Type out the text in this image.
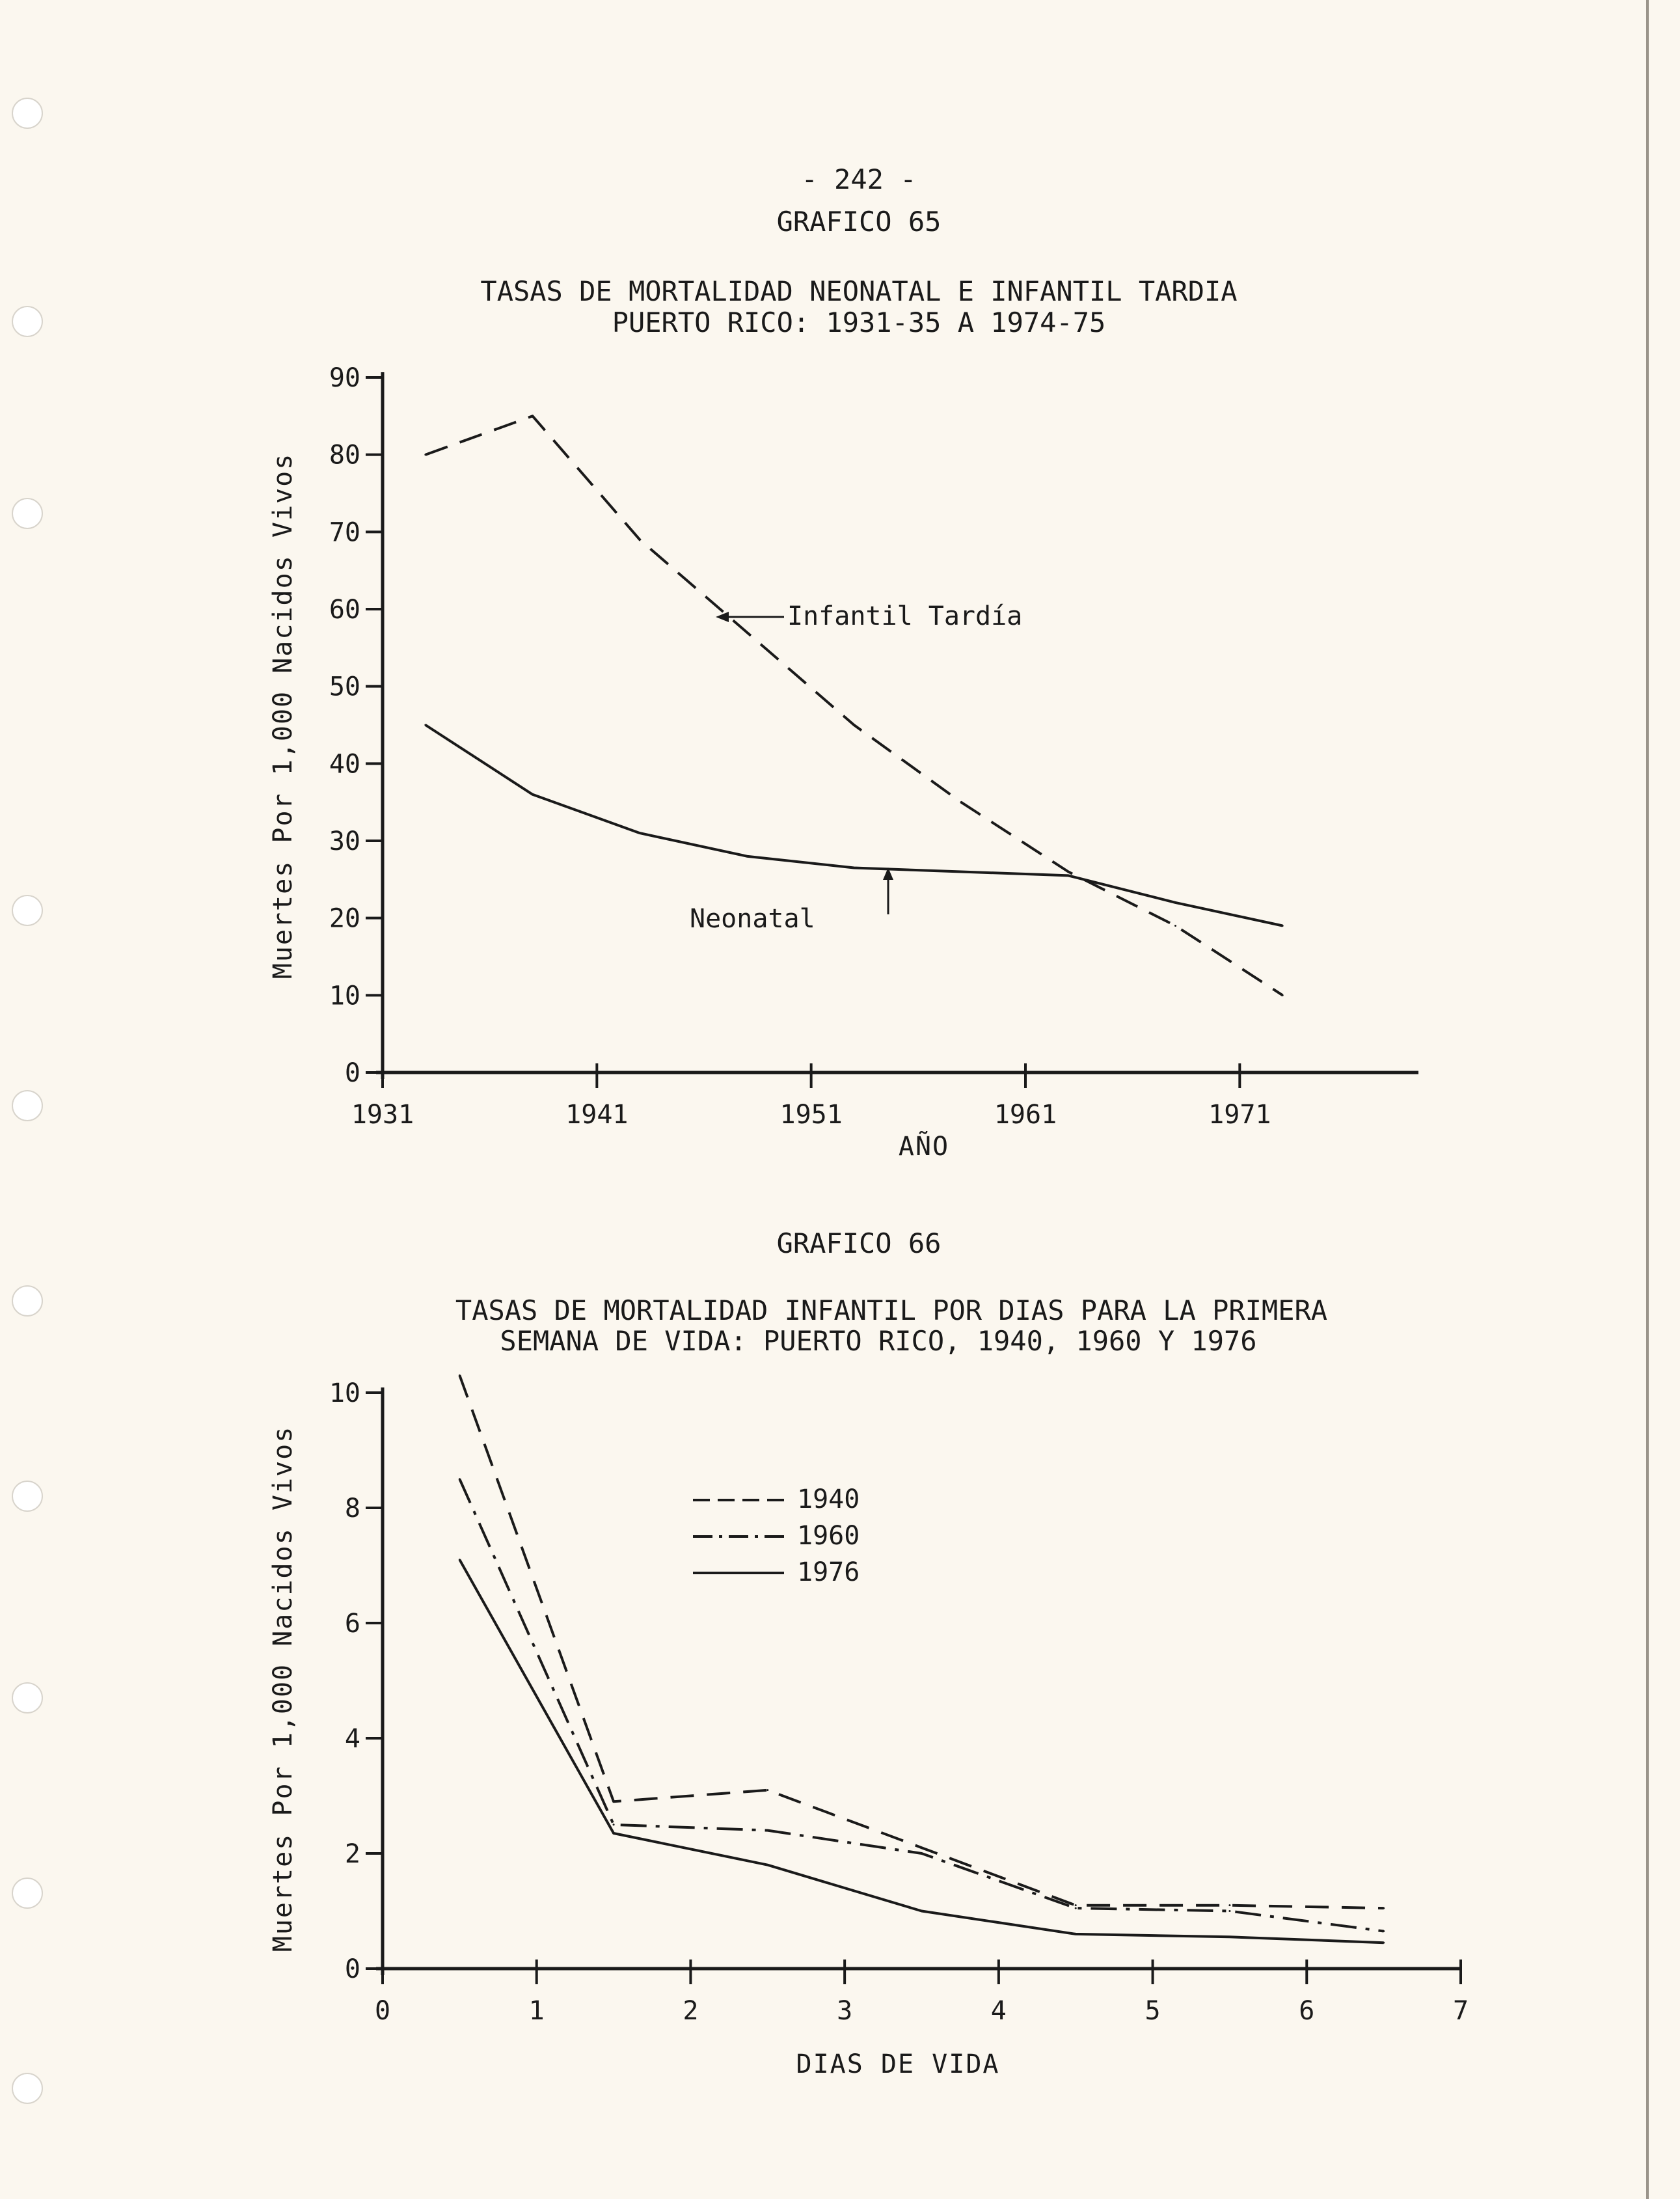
- 242 -
GRAFICO 65
TASAS DE MORTALIDAD NEONATAL E INFANTIL TARDIA
PUERTO RICO: 1931-35 A 1974-75
Muertes Por 1,000 Nacidos Vivos
AÑO
0
10
20
30
40
50
60
70
80
90
1931	1941	1951	1961	1971
Infantil Tardía
Neonatal
GRAFICO 66
TASAS DE MORTALIDAD INFANTIL POR DIAS PARA LA PRIMERA
SEMANA DE VIDA: PUERTO RICO, 1940, 1960 Y 1976
Muertes Por 1,000 Nacidos Vivos
DIAS DE VIDA
0
2
4
6
8
10
0	1	2	3	4	5	6	7
1940
1960
1976
